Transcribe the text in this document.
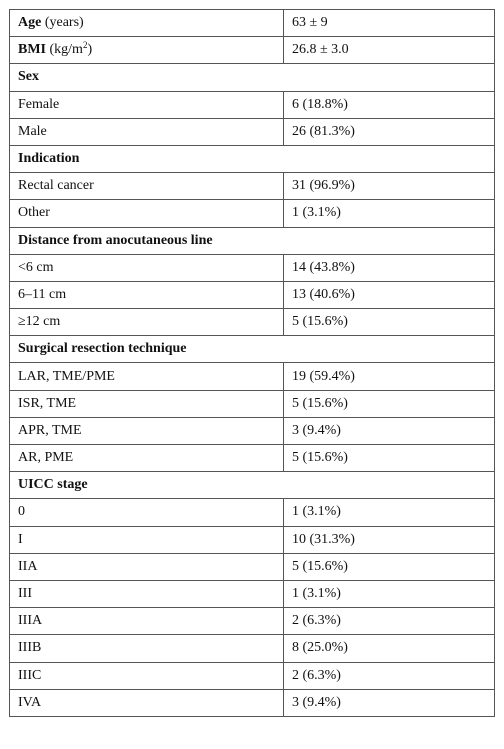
Age (years)	63 ± 9
BMI $(kg/m^2)$	26.8 ± 3.0
Sex	
Female	6 (18.8%)
Male	26 (81.3%)
Indication	
Rectal cancer	31 (96.9%)
Other	1 (3.1%)
Distance from anocutaneous line	
<6 cm	14 (43.8%)
6–11 cm	13 (40.6%)
≥12 cm	5 (15.6%)
Surgical resection technique	
LAR, TME/PME	19 (59.4%)
ISR, TME	5 (15.6%)
APR, TME	3 (9.4%)
AR, PME	5 (15.6%)
UICC stage	
0	1 (3.1%)
I	10 (31.3%)
IIA	5 (15.6%)
III	1 (3.1%)
IIIA	2 (6.3%)
IIIB	8 (25.0%)
IIIC	2 (6.3%)
IVA	3 (9.4%)
